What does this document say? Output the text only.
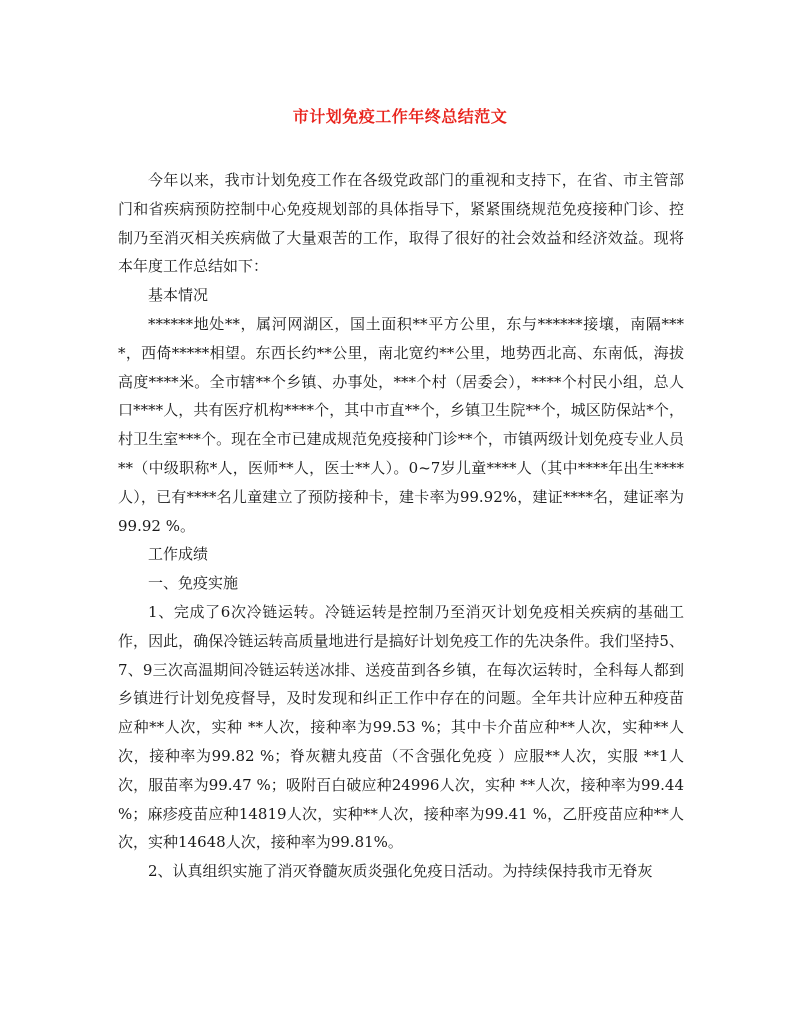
市计划免疫工作年终总结范文

今年以来，我市计划免疫工作在各级党政部门的重视和支持下，在省、市主管部门和省疾病预防控制中心免疫规划部的具体指导下，紧紧围绕规范免疫接种门诊、控制乃至消灭相关疾病做了大量艰苦的工作，取得了很好的社会效益和经济效益。现将本年度工作总结如下：

基本情况

******地处**，属河网湖区，国土面积**平方公里，东与******接壤，南隔****，西倚*****相望。东西长约**公里，南北宽约**公里，地势西北高、东南低，海拔高度****米。全市辖**个乡镇、办事处，***个村（居委会），****个村民小组，总人口****人，共有医疗机构****个，其中市直**个，乡镇卫生院**个，城区防保站*个，村卫生室***个。现在全市已建成规范免疫接种门诊**个，市镇两级计划免疫专业人员**（中级职称*人，医师**人，医士**人）。0~7岁儿童****人（其中****年出生****人），已有****名儿童建立了预防接种卡，建卡率为99.92%，建证****名，建证率为99.92 %。

工作成绩

一、免疫实施

1、完成了6次冷链运转。冷链运转是控制乃至消灭计划免疫相关疾病的基础工作，因此，确保冷链运转高质量地进行是搞好计划免疫工作的先决条件。我们坚持5、7、9三次高温期间冷链运转送冰排、送疫苗到各乡镇，在每次运转时，全科每人都到乡镇进行计划免疫督导，及时发现和纠正工作中存在的问题。全年共计应种五种疫苗应种**人次，实种 **人次，接种率为99.53 %；其中卡介苗应种**人次，实种**人次，接种率为99.82 %；脊灰糖丸疫苗（不含强化免疫 ）应服**人次，实服 **1人次，服苗率为99.47 %；吸附百白破应种24996人次，实种 **人次，接种率为99.44 %；麻疹疫苗应种14819人次，实种**人次，接种率为99.41 %，乙肝疫苗应种**人次，实种14648人次，接种率为99.81%。

2、认真组织实施了消灭脊髓灰质炎强化免疫日活动。为持续保持我市无脊灰
